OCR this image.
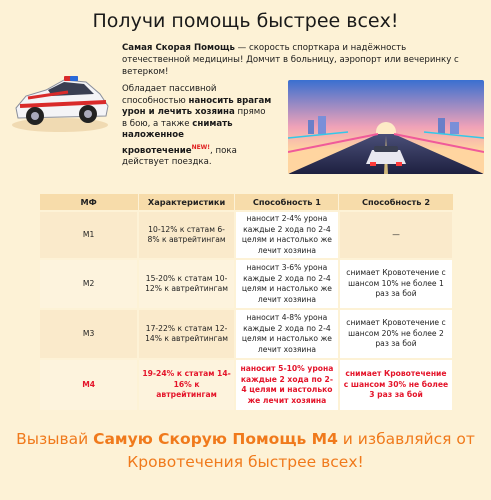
Получи помощь быстрее всех!
Самая Скорая Помощь — скорость спорткара и надёжность отечественной медицины! Домчит в больницу, аэропорт или вечеринку с ветерком!
Обладает пассивной способностью наносить врагам урон и лечить хозяина прямо в бою, а также снимать наложенное кровотечение$^{NEW!}$, пока действует поездка.
МФ	Характеристики	Способность 1	Способность 2
М1	10-12% к статам 6-8% к автрейтингам	наносит 2-4% урона каждые 2 хода по 2-4 целям и настолько же лечит хозяина	—
М2	15-20% к статам 10-12% к автрейтингам	наносит 3-6% урона каждые 2 хода по 2-4 целям и настолько же лечит хозяина	снимает Кровотечение с шансом 10% не более 1 раз за бой
М3	17-22% к статам 12-14% к автрейтингам	наносит 4-8% урона каждые 2 хода по 2-4 целям и настолько же лечит хозяина	снимает Кровотечение с шансом 20% не более 2 раз за бой
М4	19-24% к статам 14-16% к автрейтингам	наносит 5-10% урона каждые 2 хода по 2-4 целям и настолько же лечит хозяина	снимает Кровотечение с шансом 30% не более 3 раз за бой
Вызывай Самую Скорую Помощь М4 и избавляйся от Кровотечения быстрее всех!
